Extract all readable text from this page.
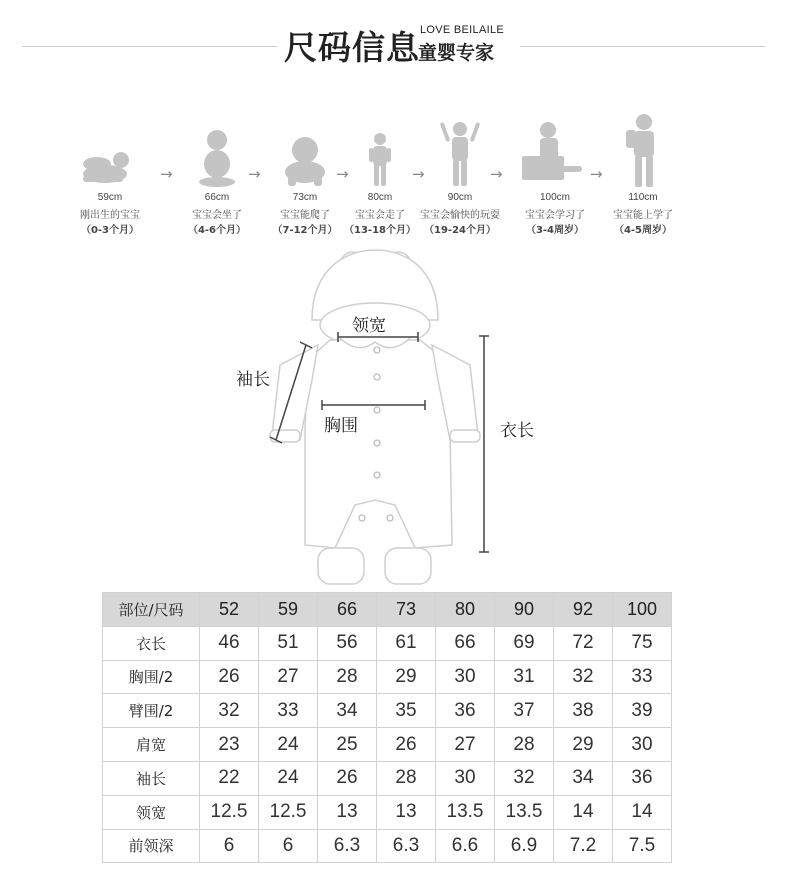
尺码信息 LOVE BEILAILE
童婴专家
59cm
刚出生的宝宝
（0-3个月）
→
66cm
宝宝会坐了
（4-6个月）
→
73cm
宝宝能爬了
（7-12个月）
→
80cm
宝宝会走了
（13-18个月）
→
90cm
宝宝会愉快的玩耍
（19-24个月）
→
100cm
宝宝会学习了
（3-4周岁）
→
110cm
宝宝能上学了
（4-5周岁）
领宽
袖长
胸围	衣长
部位/尺码	52	59	66	73	80	90	92	100
衣长	46	51	56	61	66	69	72	75
胸围/2	26	27	28	29	30	31	32	33
臂围/2	32	33	34	35	36	37	38	39
肩宽	23	24	25	26	27	28	29	30
袖长	22	24	26	28	30	32	34	36
领宽	12.5	12.5	13	13	13.5	13.5	14	14
前领深	6	6	6.3	6.3	6.6	6.9	7.2	7.5
